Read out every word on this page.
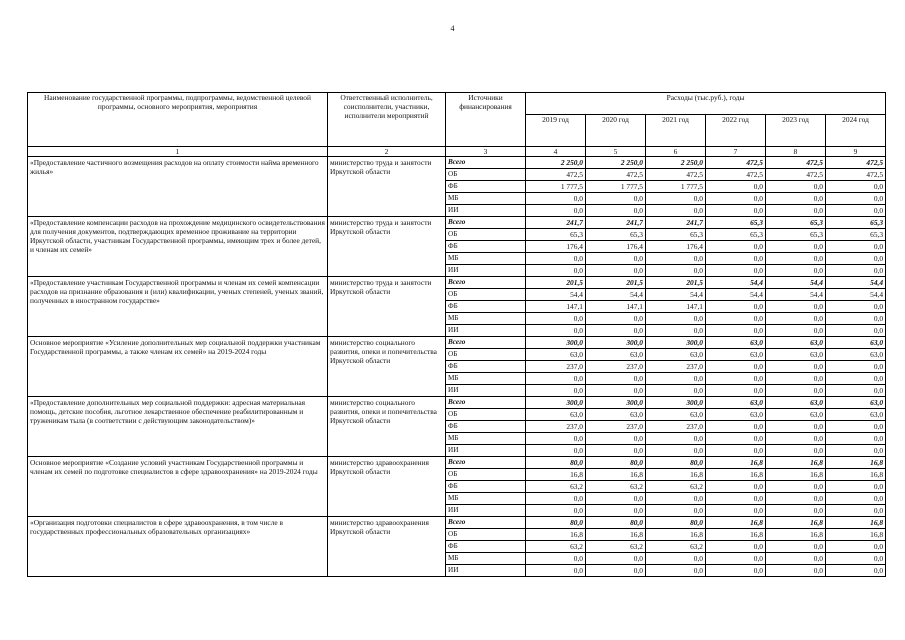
4
Наименование государственной программы, подпрограммы, ведомственной целевой программы, основного мероприятия, мероприятия	Ответственный исполнитель, соисполнители, участники, исполнители мероприятий	Источники финансирования	Расходы (тыс.руб.), годы					
			2019 год	2020 год	2021 год	2022 год	2023 год	2024 год
1	2	3	4	5	6	7	8	9
«Предоставление частичного возмещения расходов на оплату стоимости найма временного жилья»	министерство труда и занятости Иркутской области	Всего	2 250,0	2 250,0	2 250,0	472,5	472,5	472,5
		ОБ	472,5	472,5	472,5	472,5	472,5	472,5
		ФБ	1 777,5	1 777,5	1 777,5	0,0	0,0	0,0
		МБ	0,0	0,0	0,0	0,0	0,0	0,0
		ИИ	0,0	0,0	0,0	0,0	0,0	0,0
«Предоставление компенсации расходов на прохождение медицинского освидетельствования для получения документов, подтверждающих временное проживание на территории Иркутской области, участникам Государственной программы, имеющим трех и более детей, и членам их семей»	министерство труда и занятости Иркутской области	Всего	241,7	241,7	241,7	65,3	65,3	65,3
		ОБ	65,3	65,3	65,3	65,3	65,3	65,3
		ФБ	176,4	176,4	176,4	0,0	0,0	0,0
		МБ	0,0	0,0	0,0	0,0	0,0	0,0
		ИИ	0,0	0,0	0,0	0,0	0,0	0,0
«Предоставление участникам Государственной программы и членам их семей компенсации расходов на признание образования и (или) квалификации, ученых степеней, ученых званий, полученных в иностранном государстве»	министерство труда и занятости Иркутской области	Всего	201,5	201,5	201,5	54,4	54,4	54,4
		ОБ	54,4	54,4	54,4	54,4	54,4	54,4
		ФБ	147,1	147,1	147,1	0,0	0,0	0,0
		МБ	0,0	0,0	0,0	0,0	0,0	0,0
		ИИ	0,0	0,0	0,0	0,0	0,0	0,0
Основное мероприятие «Усиление дополнительных мер социальной поддержки участникам Государственной программы, а также членам их семей» на 2019-2024 годы	министерство социального развития, опеки и попечительства Иркутской области	Всего	300,0	300,0	300,0	63,0	63,0	63,0
		ОБ	63,0	63,0	63,0	63,0	63,0	63,0
		ФБ	237,0	237,0	237,0	0,0	0,0	0,0
		МБ	0,0	0,0	0,0	0,0	0,0	0,0
		ИИ	0,0	0,0	0,0	0,0	0,0	0,0
«Предоставление дополнительных мер социальной поддержки: адресная материальная помощь, детские пособия, льготное лекарственное обеспечение реабилитированным и труженикам тыла (в соответствии с действующим законодательством)»	министерство социального развития, опеки и попечительства Иркутской области	Всего	300,0	300,0	300,0	63,0	63,0	63,0
		ОБ	63,0	63,0	63,0	63,0	63,0	63,0
		ФБ	237,0	237,0	237,0	0,0	0,0	0,0
		МБ	0,0	0,0	0,0	0,0	0,0	0,0
		ИИ	0,0	0,0	0,0	0,0	0,0	0,0
Основное мероприятие «Создание условий участникам Государственной программы и членам их семей по подготовке специалистов в сфере здравоохранения» на 2019-2024 годы	министерство здравоохранения Иркутской области	Всего	80,0	80,0	80,0	16,8	16,8	16,8
		ОБ	16,8	16,8	16,8	16,8	16,8	16,8
		ФБ	63,2	63,2	63,2	0,0	0,0	0,0
		МБ	0,0	0,0	0,0	0,0	0,0	0,0
		ИИ	0,0	0,0	0,0	0,0	0,0	0,0
«Организация подготовки специалистов в сфере здравоохранения, в том числе в государственных профессиональных образовательных организациях»	министерство здравоохранения Иркутской области	Всего	80,0	80,0	80,0	16,8	16,8	16,8
		ОБ	16,8	16,8	16,8	16,8	16,8	16,8
		ФБ	63,2	63,2	63,2	0,0	0,0	0,0
		МБ	0,0	0,0	0,0	0,0	0,0	0,0
		ИИ	0,0	0,0	0,0	0,0	0,0	0,0
